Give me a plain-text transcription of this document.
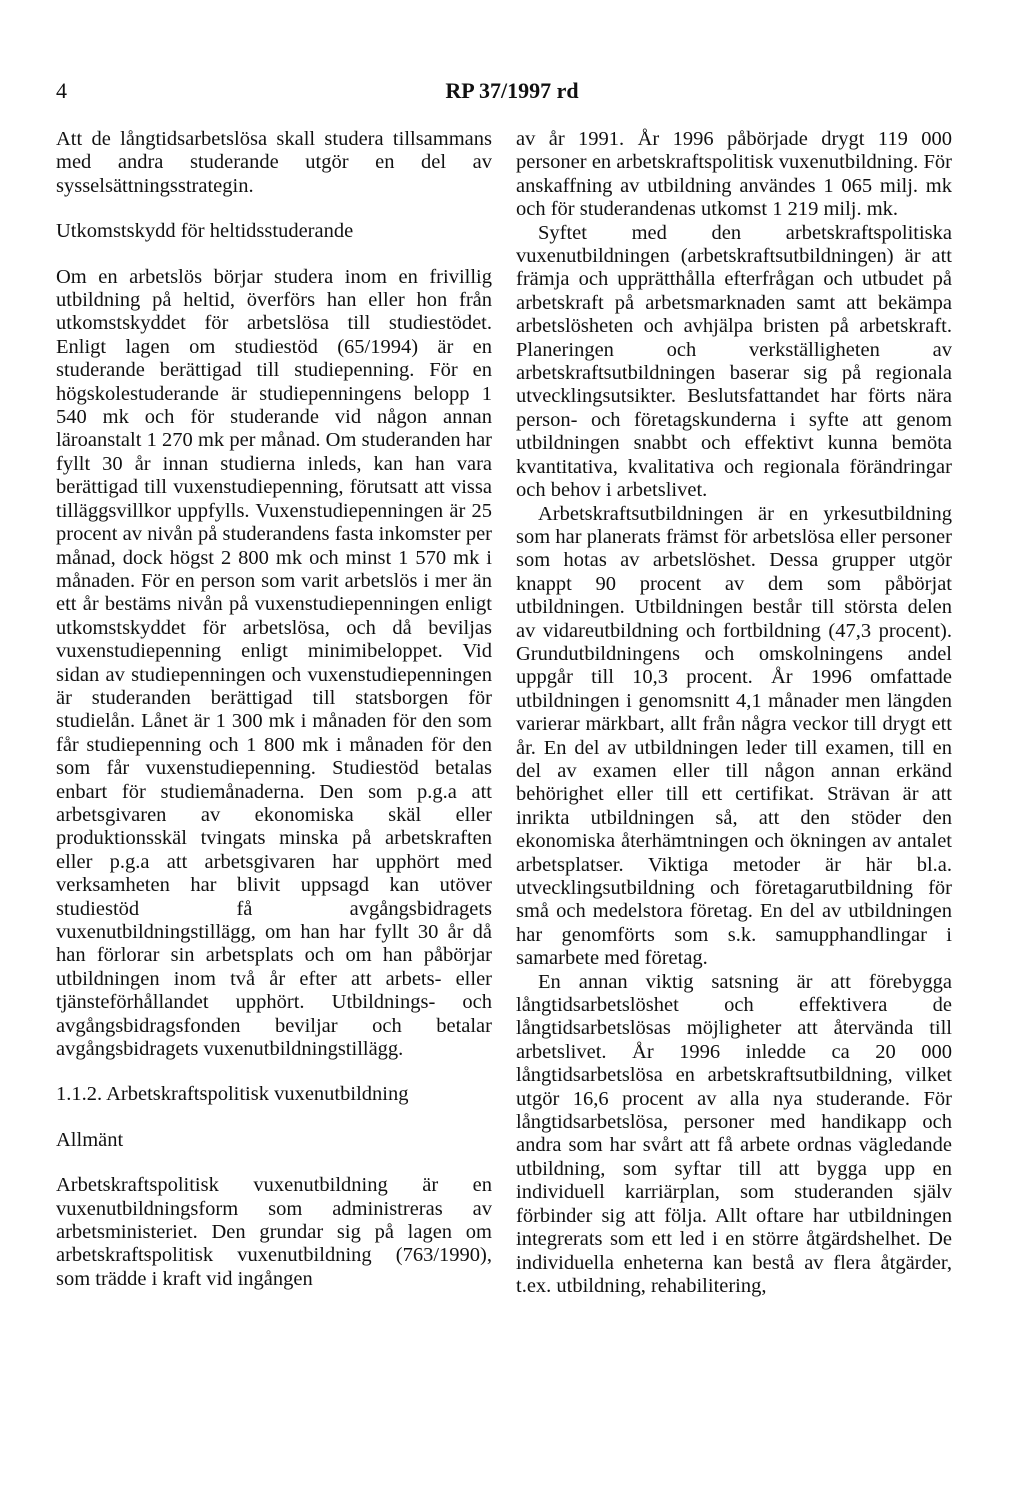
4	RP 37/1997 rd

Att de långtidsarbetslösa skall studera tillsammans med andra studerande utgör en del av sysselsättningsstrategin.

Utkomstskydd för heltidsstuderande

Om en arbetslös börjar studera inom en frivillig utbildning på heltid, överförs han eller hon från utkomstskyddet för arbetslösa till studiestödet. Enligt lagen om studiestöd (65/1994) är en studerande berättigad till studiepenning. För en högskolestuderande är studiepenningens belopp 1 540 mk och för studerande vid någon annan läroanstalt 1 270 mk per månad. Om studeranden har fyllt 30 år innan studierna inleds, kan han vara berättigad till vuxenstudiepenning, förutsatt att vissa tilläggsvillkor uppfylls. Vuxenstudiepenningen är 25 procent av nivån på studerandens fasta inkomster per månad, dock högst 2 800 mk och minst 1 570 mk i månaden. För en person som varit arbetslös i mer än ett år bestäms nivån på vuxenstudiepenningen enligt utkomstskyddet för arbetslösa, och då beviljas vuxenstudiepenning enligt minimibeloppet. Vid sidan av studiepenningen och vuxenstudiepenningen är studeranden berättigad till statsborgen för studielån. Lånet är 1 300 mk i månaden för den som får studiepenning och 1 800 mk i månaden för den som får vuxenstudiepenning. Studiestöd betalas enbart för studiemånaderna. Den som p.g.a att arbetsgivaren av ekonomiska skäl eller produktionsskäl tvingats minska på arbetskraften eller p.g.a att arbetsgivaren har upphört med verksamheten har blivit uppsagd kan utöver studiestöd få avgångsbidragets vuxenutbildningstillägg, om han har fyllt 30 år då han förlorar sin arbetsplats och om han påbörjar utbildningen inom två år efter att arbets- eller tjänsteförhållandet upphört. Utbildnings- och avgångsbidragsfonden beviljar och betalar avgångsbidragets vuxenutbildningstillägg.

1.1.2. Arbetskraftspolitisk vuxenutbildning
Allmänt

Arbetskraftspolitisk vuxenutbildning är en vuxenutbildningsform som administreras av arbetsministeriet. Den grundar sig på lagen om arbetskraftspolitisk vuxenutbildning (763/1990), som trädde i kraft vid ingången

av år 1991. År 1996 påbörjade drygt 119 000 personer en arbetskraftspolitisk vuxenutbildning. För anskaffning av utbildning användes 1 065 milj. mk och för studerandenas utkomst 1 219 milj. mk.

Syftet med den arbetskraftspolitiska vuxenutbildningen (arbetskraftsutbildningen) är att främja och upprätthålla efterfrågan och utbudet på arbetskraft på arbetsmarknaden samt att bekämpa arbetslösheten och avhjälpa bristen på arbetskraft. Planeringen och verkställigheten av arbetskraftsutbildningen baserar sig på regionala utvecklingsutsikter. Beslutsfattandet har förts nära person- och företagskunderna i syfte att genom utbildningen snabbt och effektivt kunna bemöta kvantitativa, kvalitativa och regionala förändringar och behov i arbetslivet.

Arbetskraftsutbildningen är en yrkesutbildning som har planerats främst för arbetslösa eller personer som hotas av arbetslöshet. Dessa grupper utgör knappt 90 procent av dem som påbörjat utbildningen. Utbildningen består till största delen av vidareutbildning och fortbildning (47,3 procent). Grundutbildningens och omskolningens andel uppgår till 10,3 procent. År 1996 omfattade utbildningen i genomsnitt 4,1 månader men längden varierar märkbart, allt från några veckor till drygt ett år. En del av utbildningen leder till examen, till en del av examen eller till någon annan erkänd behörighet eller till ett certifikat. Strävan är att inrikta utbildningen så, att den stöder den ekonomiska återhämtningen och ökningen av antalet arbetsplatser. Viktiga metoder är här bl.a. utvecklingsutbildning och företagarutbildning för små och medelstora företag. En del av utbildningen har genomförts som s.k. samupphandlingar i samarbete med företag.

En annan viktig satsning är att förebygga långtidsarbetslöshet och effektivera de långtidsarbetslösas möjligheter att återvända till arbetslivet. År 1996 inledde ca 20 000 långtidsarbetslösa en arbetskraftsutbildning, vilket utgör 16,6 procent av alla nya studerande. För långtidsarbetslösa, personer med handikapp och andra som har svårt att få arbete ordnas vägledande utbildning, som syftar till att bygga upp en individuell karriärplan, som studeranden själv förbinder sig att följa. Allt oftare har utbildningen integrerats som ett led i en större åtgärdshelhet. De individuella enheterna kan bestå av flera åtgärder, t.ex. utbildning, rehabilitering,
